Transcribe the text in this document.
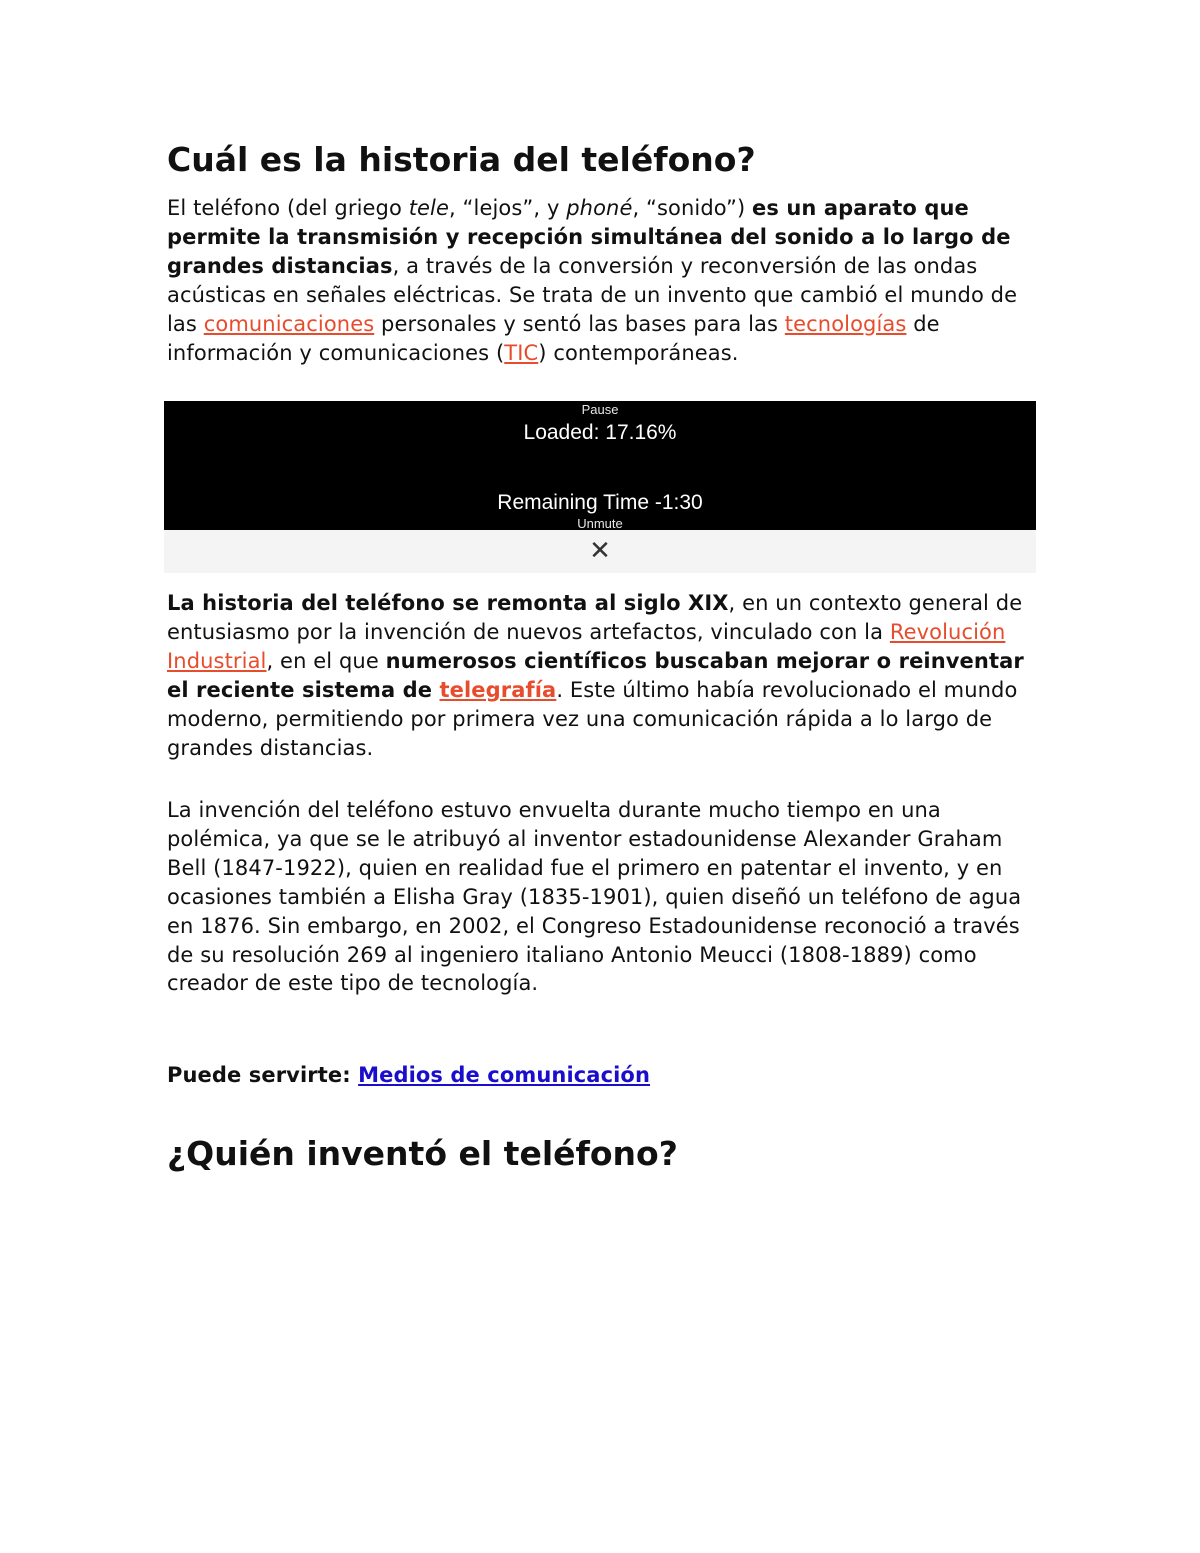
Cuál es la historia del teléfono?

El teléfono (del griego tele, “lejos”, y phoné, “sonido”) es un aparato que permite la transmisión y recepción simultánea del sonido a lo largo de grandes distancias, a través de la conversión y reconversión de las ondas acústicas en señales eléctricas. Se trata de un invento que cambió el mundo de las comunicaciones personales y sentó las bases para las tecnologías de información y comunicaciones (TIC) contemporáneas.

La historia del teléfono se remonta al siglo XIX, en un contexto general de entusiasmo por la invención de nuevos artefactos, vinculado con la Revolución Industrial, en el que numerosos científicos buscaban mejorar o reinventar el reciente sistema de telegrafía. Este último había revolucionado el mundo moderno, permitiendo por primera vez una comunicación rápida a lo largo de grandes distancias.

La invención del teléfono estuvo envuelta durante mucho tiempo en una polémica, ya que se le atribuyó al inventor estadounidense Alexander Graham Bell (1847-1922), quien en realidad fue el primero en patentar el invento, y en ocasiones también a Elisha Gray (1835-1901), quien diseñó un teléfono de agua en 1876. Sin embargo, en 2002, el Congreso Estadounidense reconoció a través de su resolución 269 al ingeniero italiano Antonio Meucci (1808-1889) como creador de este tipo de tecnología.

Puede servirte: Medios de comunicación

¿Quién inventó el teléfono?
Pause
Loaded: 17.16%
Remaining Time -1:30
Unmute
✕
